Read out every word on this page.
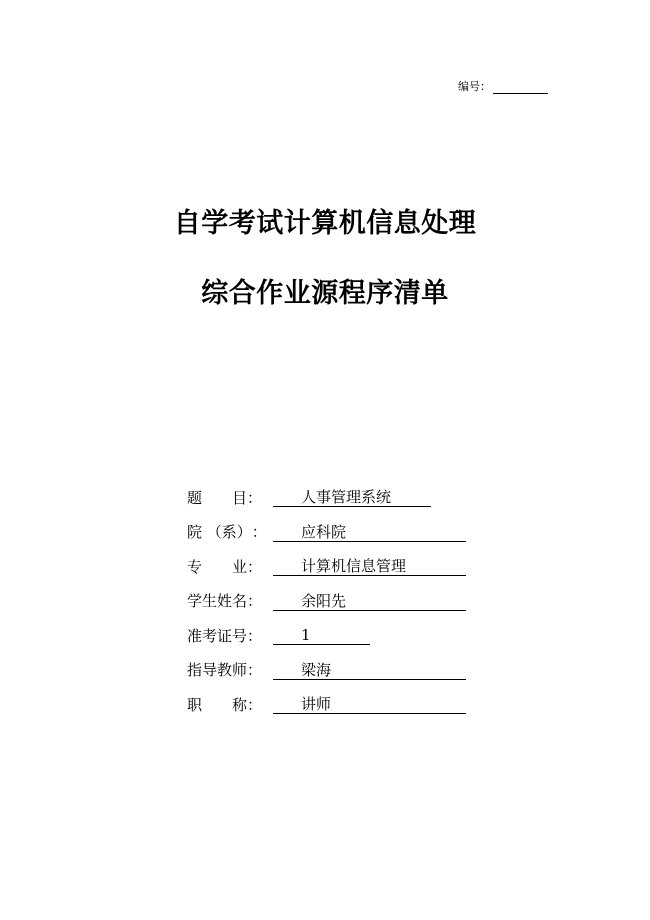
编号：
自学考试计算机信息处理
综合作业源程序清单
题 目 ：	人事管理系统
院 （系） ：	应科院
专 业 ：	计算机信息管理
学生姓名 ：	余阳先
准考证号 ：	1
指导教师 ：	梁海
职 称 ：	讲师
